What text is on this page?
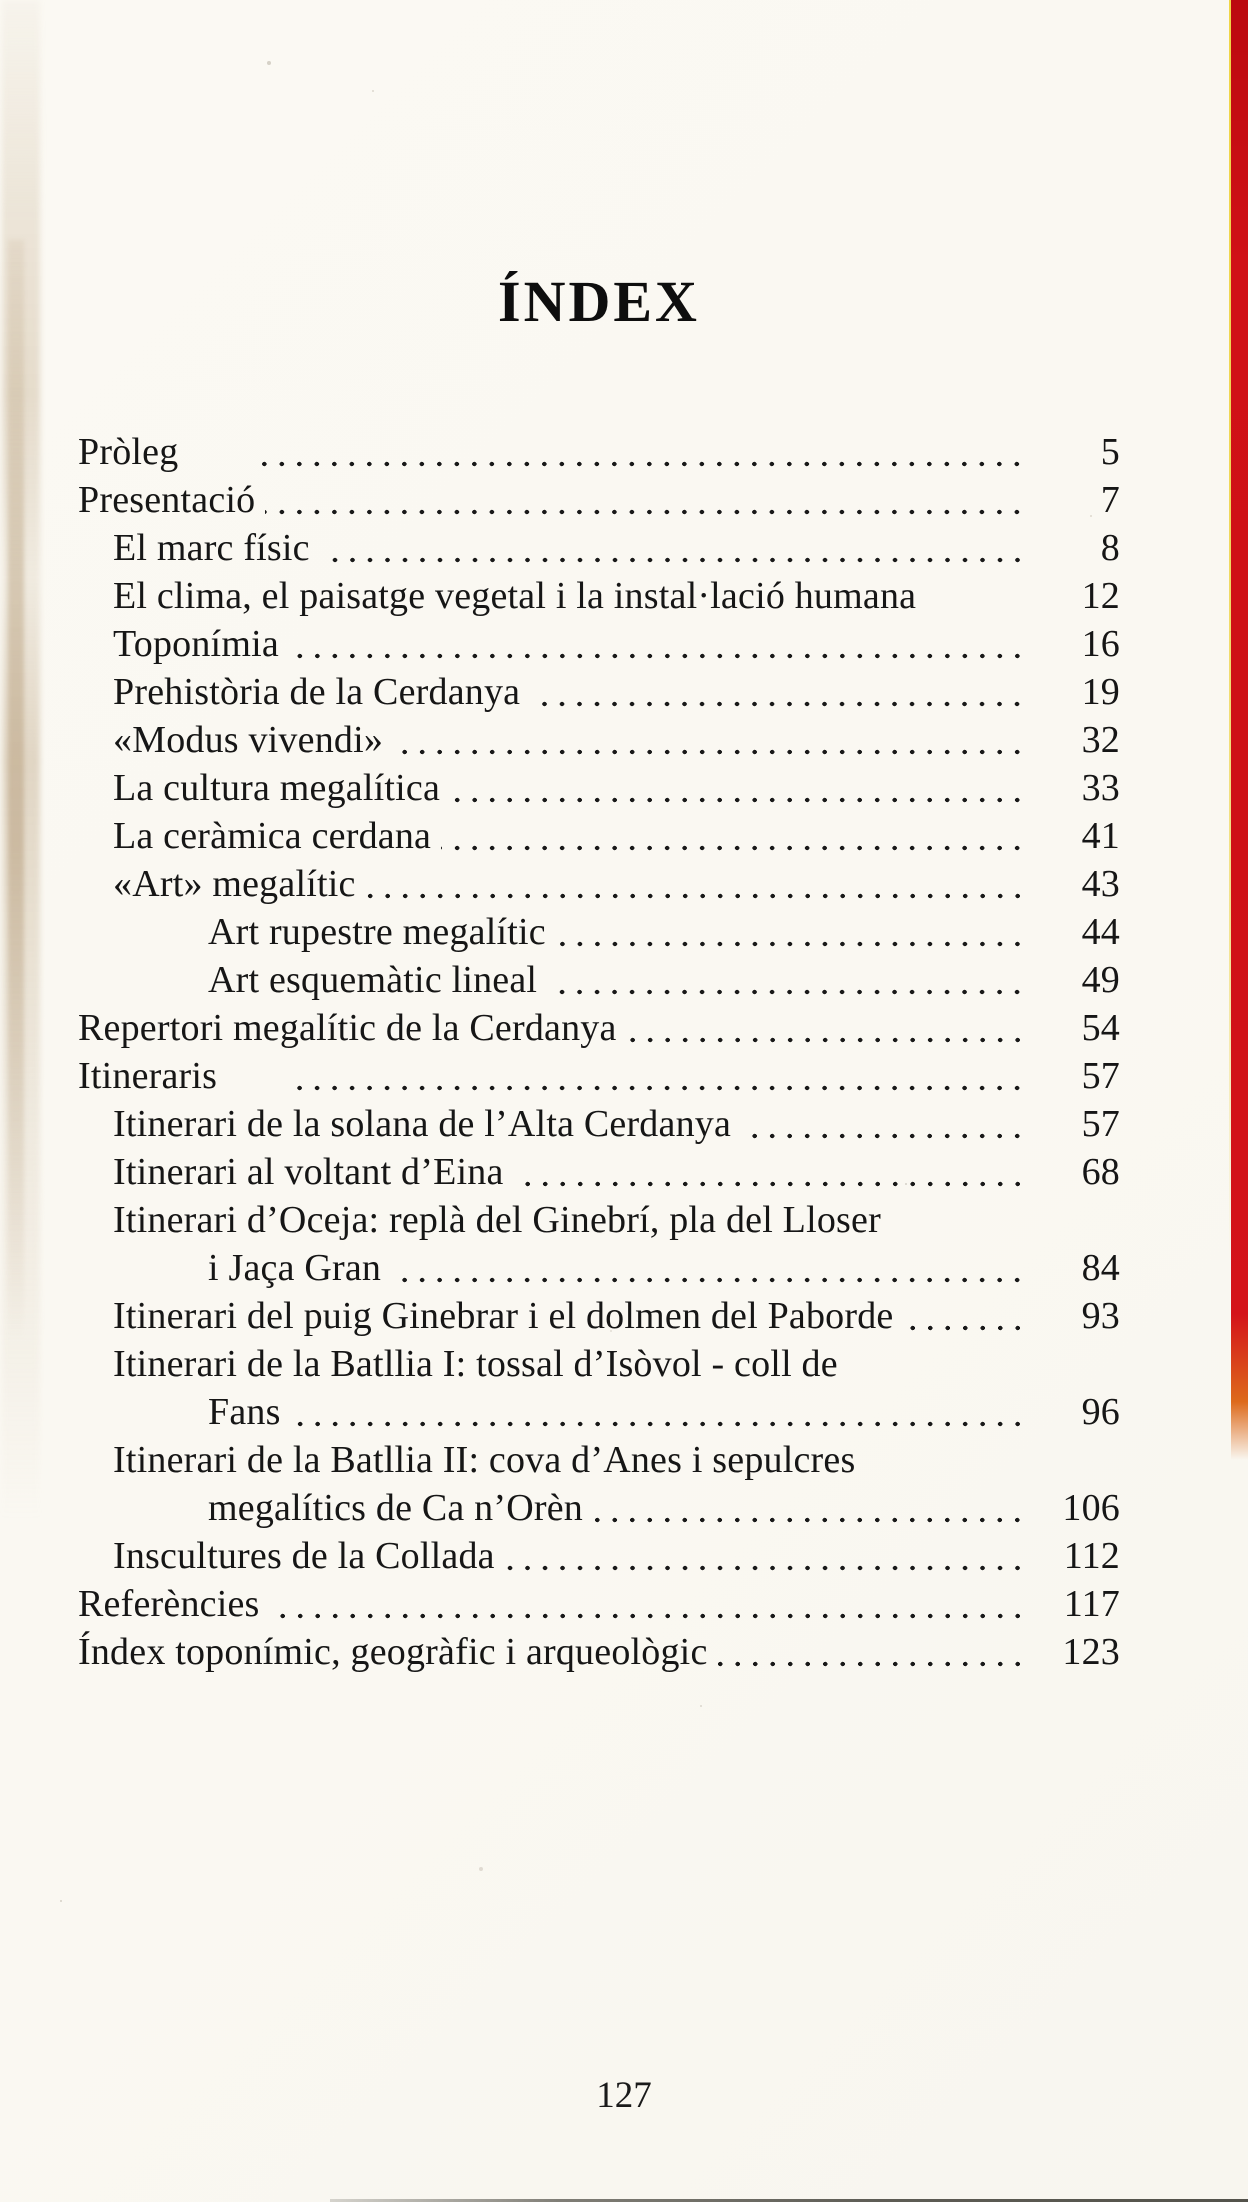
ÍNDEX
Pròleg	5
Presentació	7
El marc físic	8
El clima, el paisatge vegetal i la instal·lació humana	12
Toponímia	16
Prehistòria de la Cerdanya	19
«Modus vivendi»	32
La cultura megalítica	33
La ceràmica cerdana	41
«Art» megalític	43
Art rupestre megalític	44
Art esquemàtic lineal	49
Repertori megalític de la Cerdanya	54
Itineraris	57
Itinerari de la solana de l’Alta Cerdanya	57
Itinerari al voltant d’Eina	68
Itinerari d’Oceja: replà del Ginebrí, pla del Lloser
i Jaça Gran	84
Itinerari del puig Ginebrar i el dolmen del Paborde	93
Itinerari de la Batllia I: tossal d’Isòvol - coll de
Fans	96
Itinerari de la Batllia II: cova d’Anes i sepulcres
megalítics de Ca n’Orèn	106
Inscultures de la Collada	112
Referències	117
Índex toponímic, geogràfic i arqueològic	123
127
